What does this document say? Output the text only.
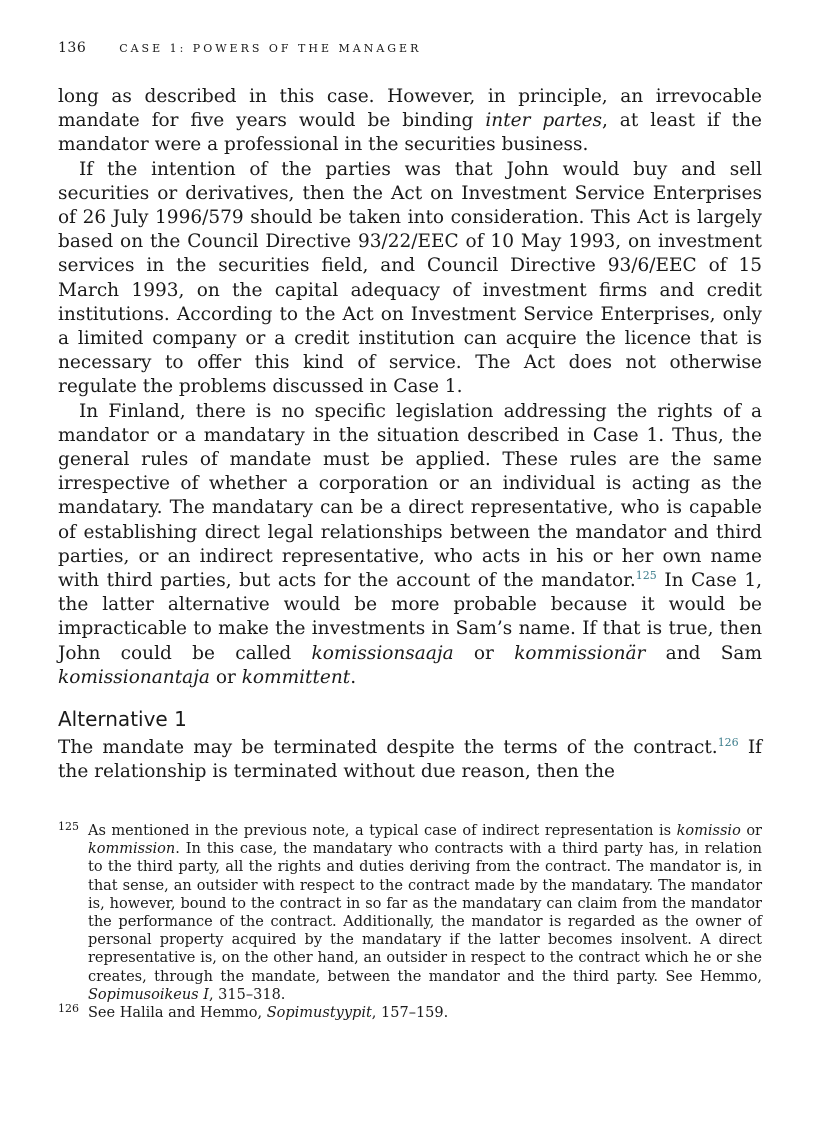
136	CASE 1: POWERS OF THE MANAGER

long as described in this case. However, in principle, an irrevocable mandate for five years would be binding inter partes, at least if the mandator were a professional in the securities business.

If the intention of the parties was that John would buy and sell securities or derivatives, then the Act on Investment Service Enterprises of 26 July 1996/579 should be taken into consideration. This Act is largely based on the Council Directive 93/22/EEC of 10 May 1993, on investment services in the securities field, and Council Directive 93/6/EEC of 15 March 1993, on the capital adequacy of investment firms and credit institutions. According to the Act on Investment Service Enterprises, only a limited company or a credit institution can acquire the licence that is necessary to offer this kind of service. The Act does not otherwise regulate the problems discussed in Case 1.

In Finland, there is no specific legislation addressing the rights of a mandator or a mandatary in the situation described in Case 1. Thus, the general rules of mandate must be applied. These rules are the same irrespective of whether a corporation or an individual is acting as the mandatary. The mandatary can be a direct representative, who is capable of establishing direct legal relationships between the mandator and third parties, or an indirect representative, who acts in his or her own name with third parties, but acts for the account of the mandator.$^{125}$ In Case 1, the latter alternative would be more probable because it would be impracticable to make the investments in Sam’s name. If that is true, then John could be called komissionsaaja or kommissionär and Sam komissionantaja or kommittent.

Alternative 1

The mandate may be terminated despite the terms of the contract.$^{126}$ If the relationship is terminated without due reason, then the

125 As mentioned in the previous note, a typical case of indirect representation is komissio or kommission. In this case, the mandatary who contracts with a third party has, in relation to the third party, all the rights and duties deriving from the contract. The mandator is, in that sense, an outsider with respect to the contract made by the mandatary. The mandator is, however, bound to the contract in so far as the mandatary can claim from the mandator the performance of the contract. Additionally, the mandator is regarded as the owner of personal property acquired by the mandatary if the latter becomes insolvent. A direct representative is, on the other hand, an outsider in respect to the contract which he or she creates, through the mandate, between the mandator and the third party. See Hemmo, Sopimusoikeus I, 315–318.

126 See Halila and Hemmo, Sopimustyypit, 157–159.
